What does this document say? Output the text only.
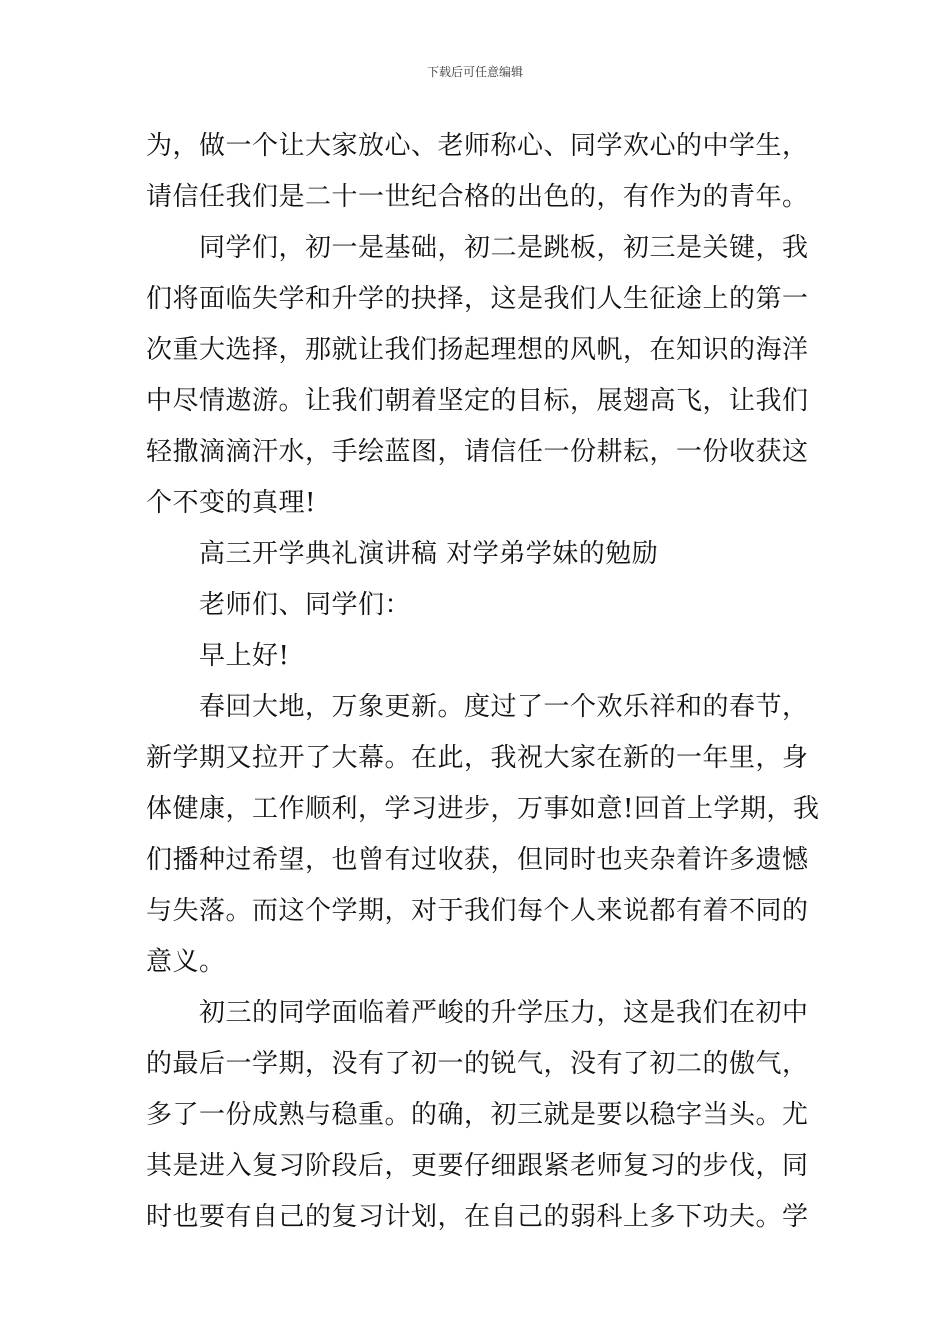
下载后可任意编辑
为，做一个让大家放心、老师称心、同学欢心的中学生，
请信任我们是二十一世纪合格的出色的，有作为的青年。
同学们，初一是基础，初二是跳板，初三是关键，我
们将面临失学和升学的抉择，这是我们人生征途上的第一
次重大选择，那就让我们扬起理想的风帆，在知识的海洋
中尽情遨游。让我们朝着坚定的目标，展翅高飞，让我们
轻撒滴滴汗水，手绘蓝图，请信任一份耕耘，一份收获这
个不变的真理!
高三开学典礼演讲稿 对学弟学妹的勉励
老师们、同学们：
早上好!
春回大地，万象更新。度过了一个欢乐祥和的春节，
新学期又拉开了大幕。在此，我祝大家在新的一年里，身
体健康，工作顺利，学习进步，万事如意!回首上学期，我
们播种过希望，也曾有过收获，但同时也夹杂着许多遗憾
与失落。而这个学期，对于我们每个人来说都有着不同的
意义。
初三的同学面临着严峻的升学压力，这是我们在初中
的最后一学期，没有了初一的锐气，没有了初二的傲气，
多了一份成熟与稳重。的确，初三就是要以稳字当头。尤
其是进入复习阶段后，更要仔细跟紧老师复习的步伐，同
时也要有自己的复习计划，在自己的弱科上多下功夫。学
